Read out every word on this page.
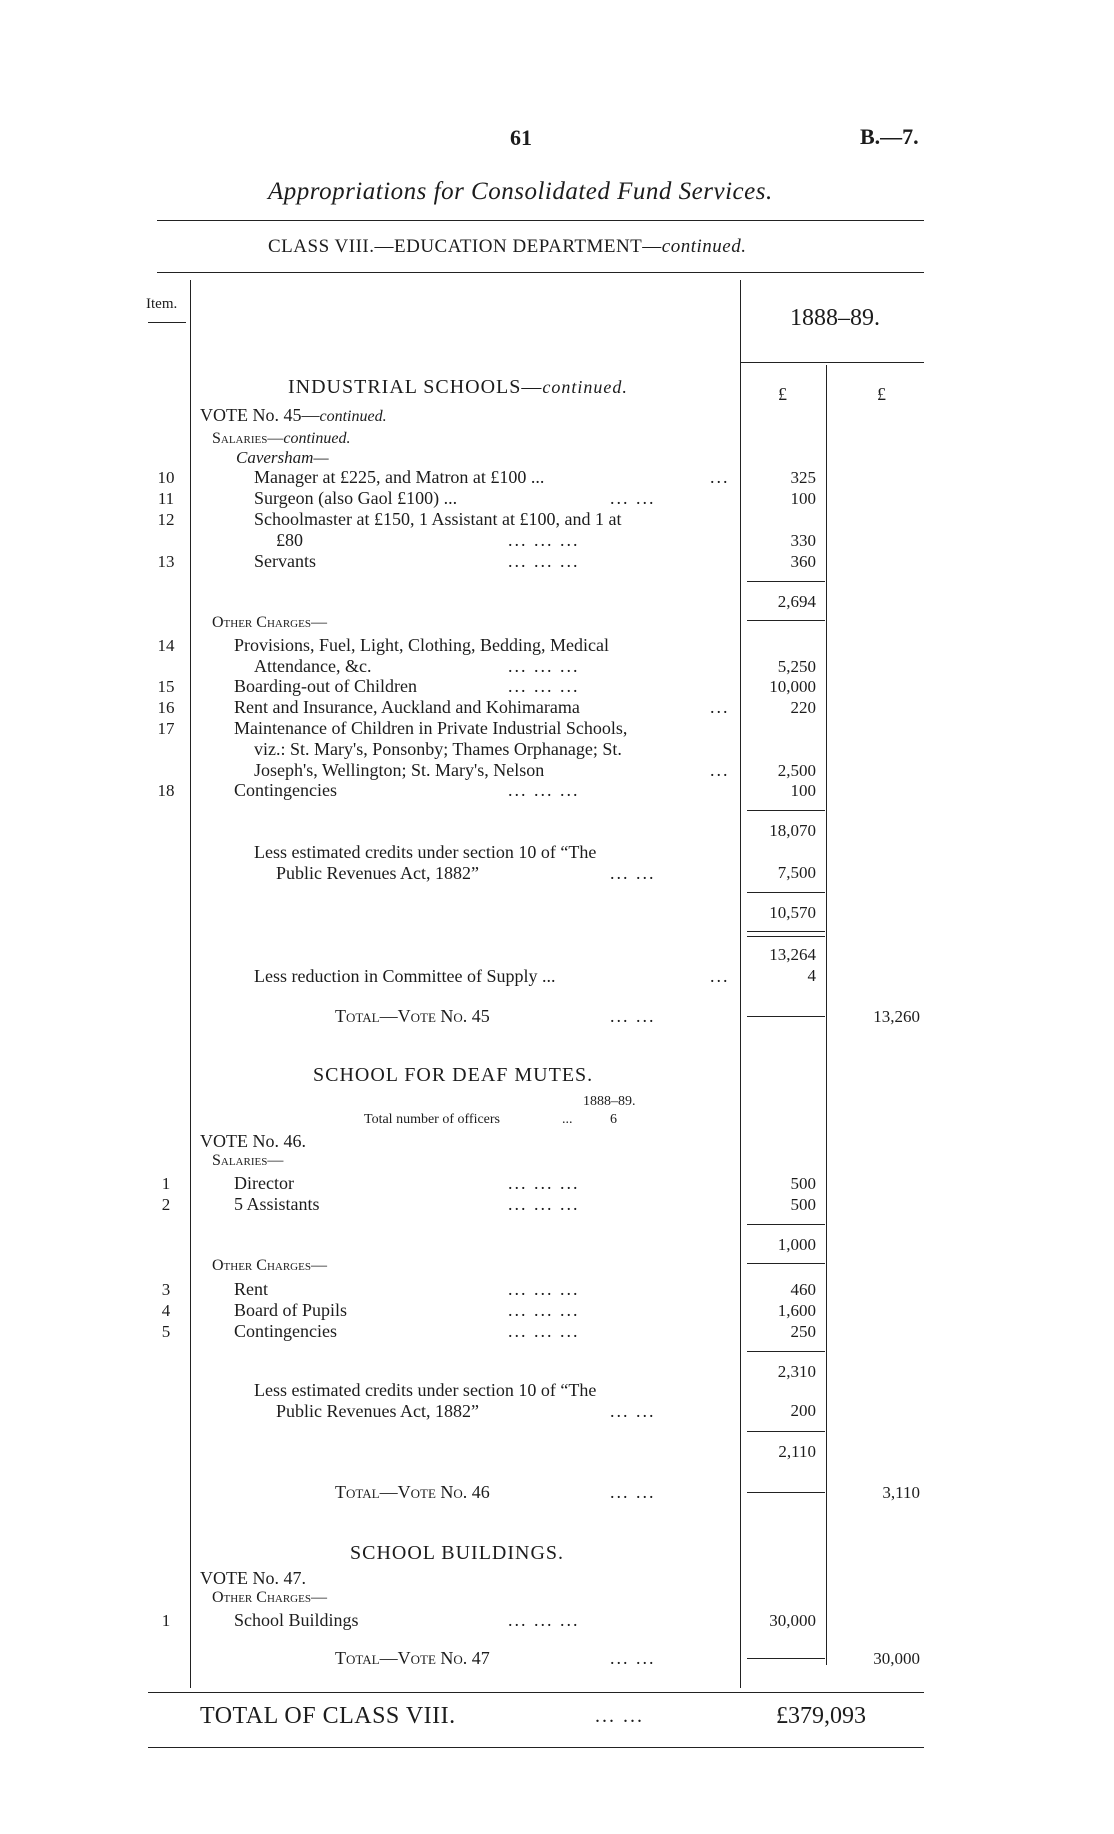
61	B.—7.
Appropriations for Consolidated Fund Services.
CLASS VIII.—EDUCATION DEPARTMENT—continued.
Item.
1888–89.
£	£
INDUSTRIAL SCHOOLS—continued.
VOTE No. 45—continued.
Salaries—continued.
Caversham—
10	Manager at £225, and Matron at £100 ...	...	325
11	Surgeon (also Gaol £100) ...	... ...	100
12	Schoolmaster at £150, 1 Assistant at £100, and 1 at
£80	... ... ...	330
13	Servants	... ... ...	360
2,694
Other Charges—
14	Provisions, Fuel, Light, Clothing, Bedding, Medical
Attendance, &c.	... ... ...	5,250
15	Boarding-out of Children	... ... ...	10,000
16	Rent and Insurance, Auckland and Kohimarama	...	220
17	Maintenance of Children in Private Industrial Schools,
viz.: St. Mary's, Ponsonby; Thames Orphanage; St.
Joseph's, Wellington; St. Mary's, Nelson	...	2,500
18	Contingencies	... ... ...	100
18,070
Less estimated credits under section 10 of “The
Public Revenues Act, 1882”	... ...	7,500
10,570
13,264
Less reduction in Committee of Supply ...	...	4
Total—Vote No. 45	... ...	13,260
SCHOOL FOR DEAF MUTES.
1888–89.
Total number of officers	...	6
VOTE No. 46.
Salaries—
1	Director	... ... ...	500
2	5 Assistants	... ... ...	500
1,000
Other Charges—
3	Rent	... ... ...	460
4	Board of Pupils	... ... ...	1,600
5	Contingencies	... ... ...	250
2,310
Less estimated credits under section 10 of “The
Public Revenues Act, 1882”	... ...	200
2,110
Total—Vote No. 46	... ...	3,110
SCHOOL BUILDINGS.
VOTE No. 47.
Other Charges—
1	School Buildings	... ... ...	30,000
Total—Vote No. 47	... ...	30,000
TOTAL OF CLASS VIII.	... ...	£379,093
